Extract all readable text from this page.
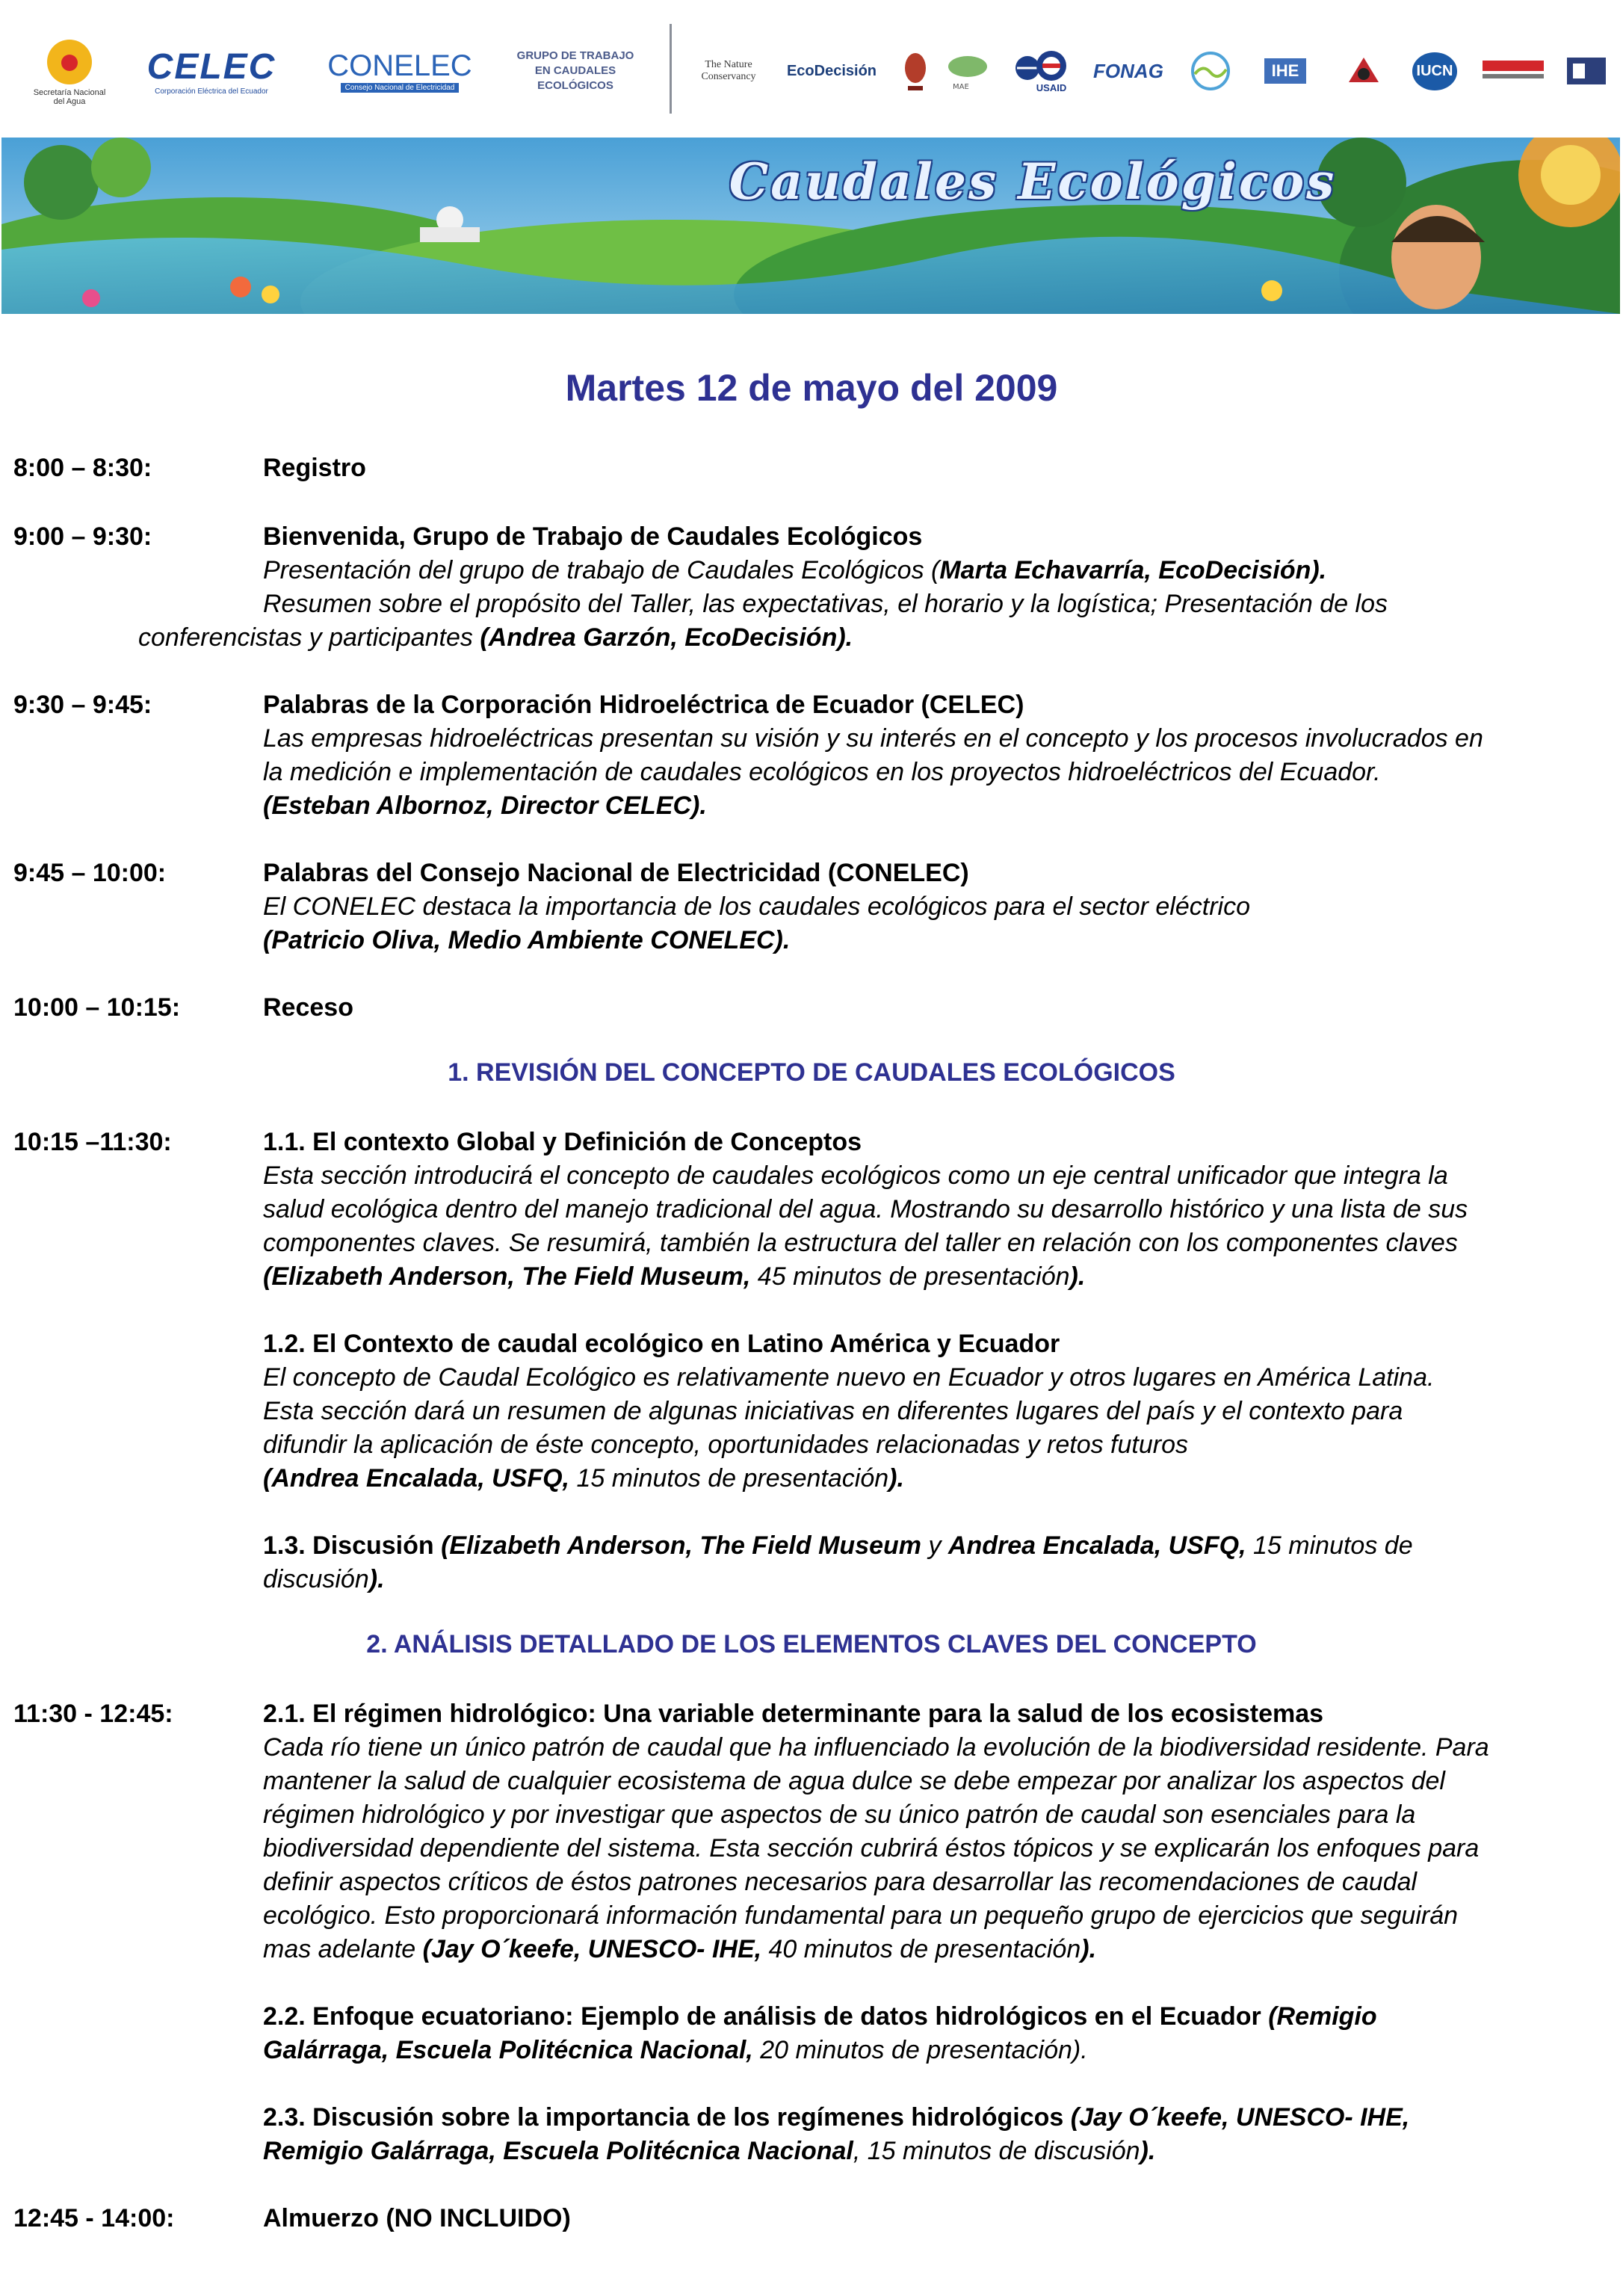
Secretaría Nacional del Agua
CELEC
Corporación Eléctrica del Ecuador
CONELEC
Consejo Nacional de Electricidad
GRUPO DE TRABAJO EN CAUDALES ECOLÓGICOS
The Nature Conservancy	EcoDecisión
MAE	USAID
FONAG	IHE	IUCN
Caudales Ecológicos
Martes 12 de mayo del 2009
8:00 – 8:30:	Registro
9:00 – 9:30:	Bienvenida, Grupo de Trabajo de Caudales Ecológicos
Presentación del grupo de trabajo de Caudales Ecológicos (Marta Echavarría, EcoDecisión).
Resumen sobre el propósito del Taller, las expectativas, el horario y la logística; Presentación de los
conferencistas y participantes (Andrea Garzón, EcoDecisión).
9:30 – 9:45:	Palabras de la Corporación Hidroeléctrica de Ecuador (CELEC)
Las empresas hidroeléctricas presentan su visión y su interés en el concepto y los procesos involucrados en
la medición e implementación de caudales ecológicos en los proyectos hidroeléctricos del Ecuador.
(Esteban Albornoz, Director CELEC).
9:45 – 10:00:	Palabras del Consejo Nacional de Electricidad (CONELEC)
El CONELEC destaca la importancia de los caudales ecológicos para el sector eléctrico
(Patricio Oliva, Medio Ambiente CONELEC).
10:00 – 10:15:	Receso
1. REVISIÓN DEL CONCEPTO DE CAUDALES ECOLÓGICOS
10:15 –11:30:	1.1. El contexto Global y Definición de Conceptos
Esta sección introducirá el concepto de caudales ecológicos como un eje central unificador que integra la
salud ecológica dentro del manejo tradicional del agua. Mostrando su desarrollo histórico y una lista de sus
componentes claves. Se resumirá, también la estructura del taller en relación con los componentes claves
(Elizabeth Anderson, The Field Museum, 45 minutos de presentación).
1.2. El Contexto de caudal ecológico en Latino América y Ecuador
El concepto de Caudal Ecológico es relativamente nuevo en Ecuador y otros lugares en América Latina.
Esta sección dará un resumen de algunas iniciativas en diferentes lugares del país y el contexto para
difundir la aplicación de éste concepto, oportunidades relacionadas y retos futuros
(Andrea Encalada, USFQ, 15 minutos de presentación).
1.3. Discusión (Elizabeth Anderson, The Field Museum y Andrea Encalada, USFQ, 15 minutos de
discusión).
2. ANÁLISIS DETALLADO DE LOS ELEMENTOS CLAVES DEL CONCEPTO
11:30 - 12:45:	2.1. El régimen hidrológico: Una variable determinante para la salud de los ecosistemas
Cada río tiene un único patrón de caudal que ha influenciado la evolución de la biodiversidad residente. Para
mantener la salud de cualquier ecosistema de agua dulce se debe empezar por analizar los aspectos del
régimen hidrológico y por investigar que aspectos de su único patrón de caudal son esenciales para la
biodiversidad dependiente del sistema. Esta sección cubrirá éstos tópicos y se explicarán los enfoques para
definir aspectos críticos de éstos patrones necesarios para desarrollar las recomendaciones de caudal
ecológico. Esto proporcionará información fundamental para un pequeño grupo de ejercicios que seguirán
mas adelante (Jay O´keefe, UNESCO- IHE, 40 minutos de presentación).
2.2. Enfoque ecuatoriano: Ejemplo de análisis de datos hidrológicos en el Ecuador (Remigio
Galárraga, Escuela Politécnica Nacional, 20 minutos de presentación).
2.3. Discusión sobre la importancia de los regímenes hidrológicos (Jay O´keefe, UNESCO- IHE,
Remigio Galárraga, Escuela Politécnica Nacional, 15 minutos de discusión).
12:45 - 14:00:	Almuerzo (NO INCLUIDO)
